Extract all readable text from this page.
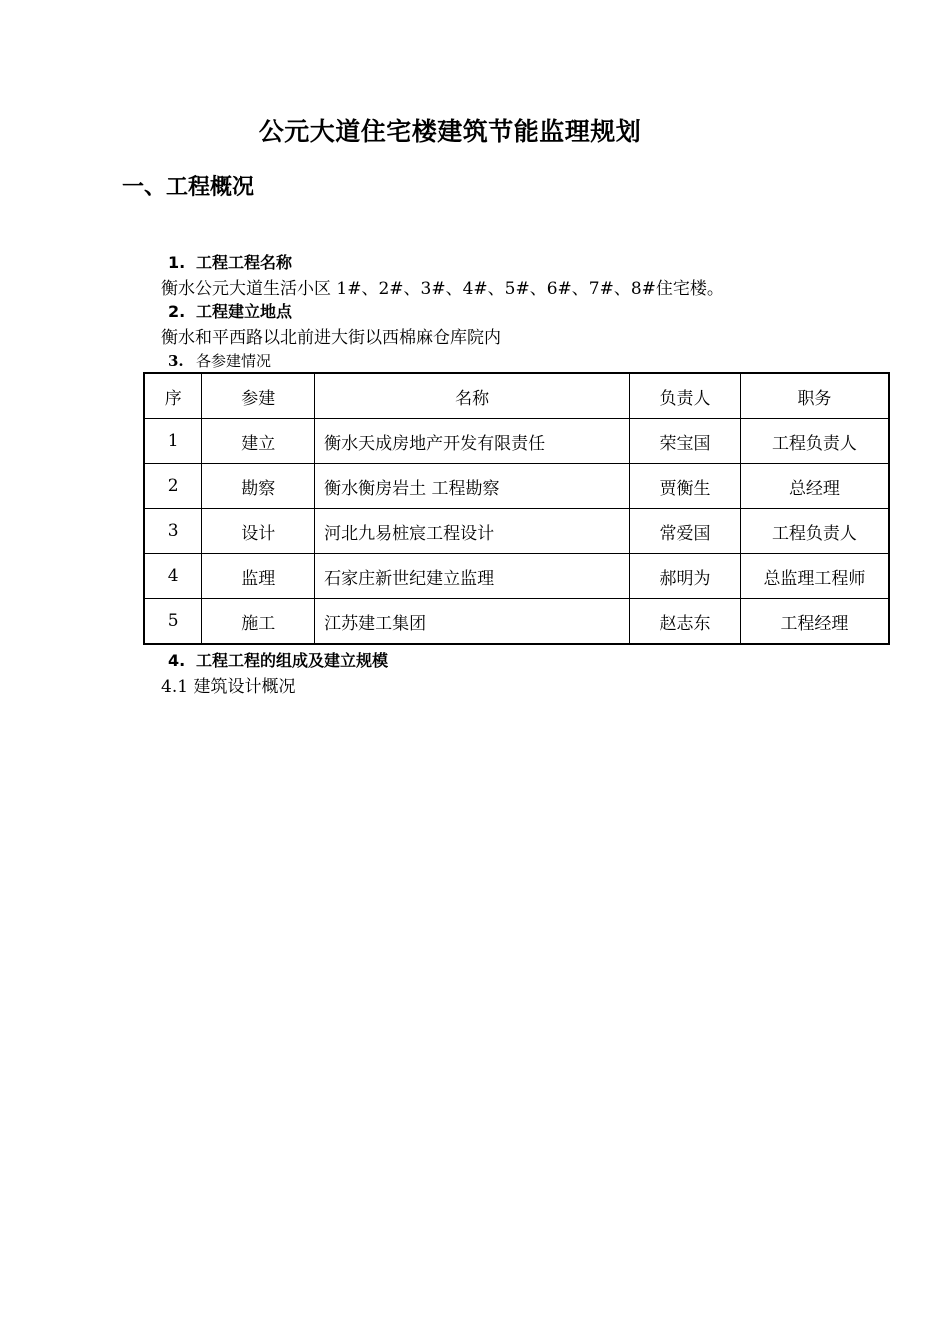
公元大道住宅楼建筑节能监理规划
一、工程概况
1. 工程工程名称
衡水公元大道生活小区 1#、2#、3#、4#、5#、6#、7#、8#住宅楼。
2. 工程建立地点
衡水和平西路以北前进大街以西棉麻仓库院内
3. 各参建情况
序	参建	名称	负责人	职务
1	建立	衡水天成房地产开发有限责任	荣宝国	工程负责人
2	勘察	衡水衡房岩土 工程勘察	贾衡生	总经理
3	设计	河北九易桩宸工程设计	常爱国	工程负责人
4	监理	石家庄新世纪建立监理	郝明为	总监理工程师
5	施工	江苏建工集团	赵志东	工程经理
4. 工程工程的组成及建立规模
4.1 建筑设计概况
